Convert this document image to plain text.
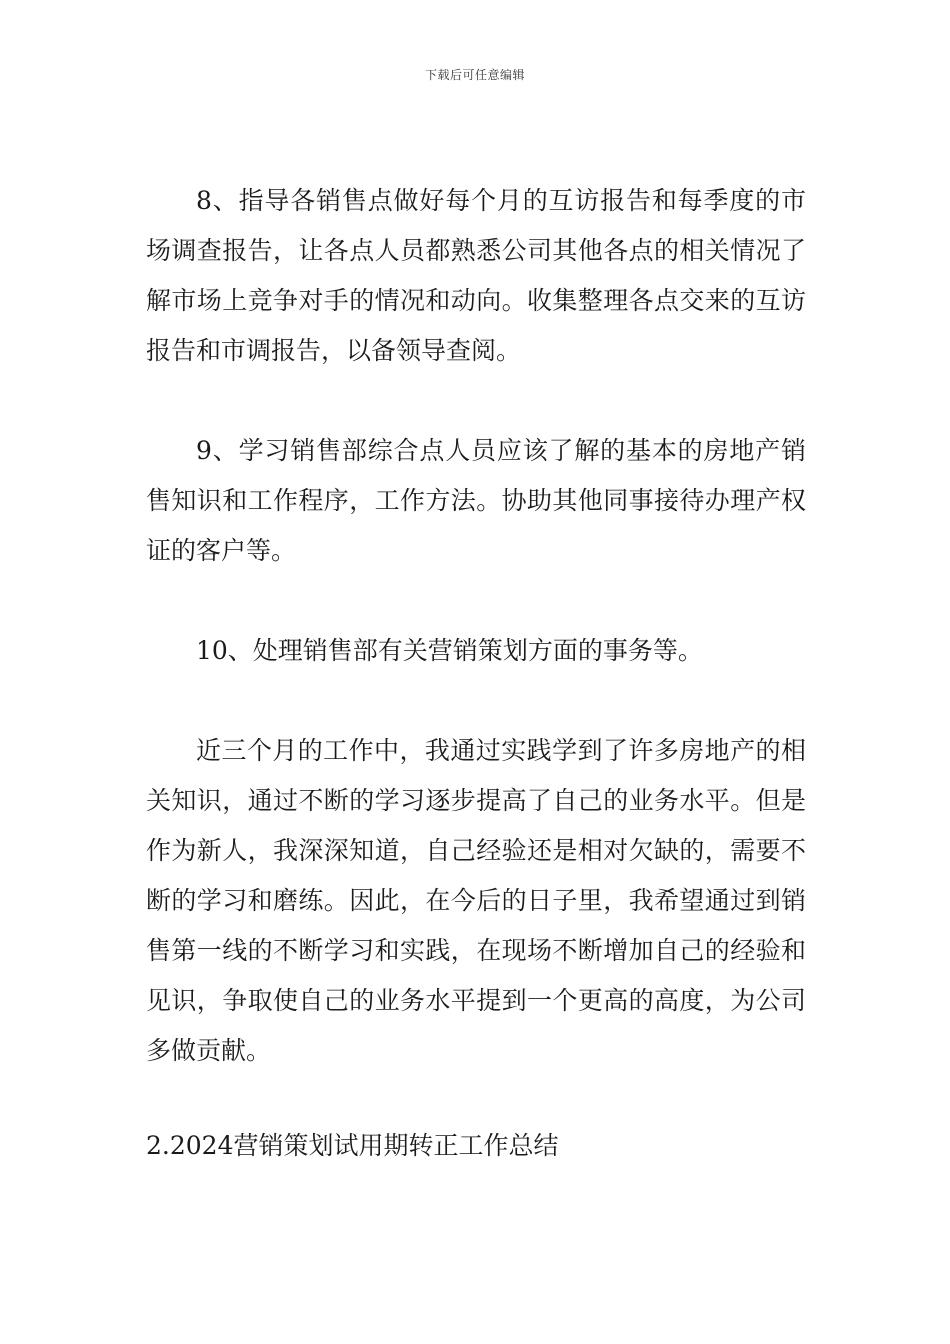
下载后可任意编辑

8、指导各销售点做好每个月的互访报告和每季度的市场调查报告，让各点人员都熟悉公司其他各点的相关情况了解市场上竞争对手的情况和动向。收集整理各点交来的互访报告和市调报告，以备领导查阅。

9、学习销售部综合点人员应该了解的基本的房地产销售知识和工作程序，工作方法。协助其他同事接待办理产权证的客户等。

10、处理销售部有关营销策划方面的事务等。

近三个月的工作中，我通过实践学到了许多房地产的相关知识，通过不断的学习逐步提高了自己的业务水平。但是作为新人，我深深知道，自己经验还是相对欠缺的，需要不断的学习和磨练。因此，在今后的日子里，我希望通过到销售第一线的不断学习和实践，在现场不断增加自己的经验和见识，争取使自己的业务水平提到一个更高的高度，为公司多做贡献。

2.2024营销策划试用期转正工作总结
